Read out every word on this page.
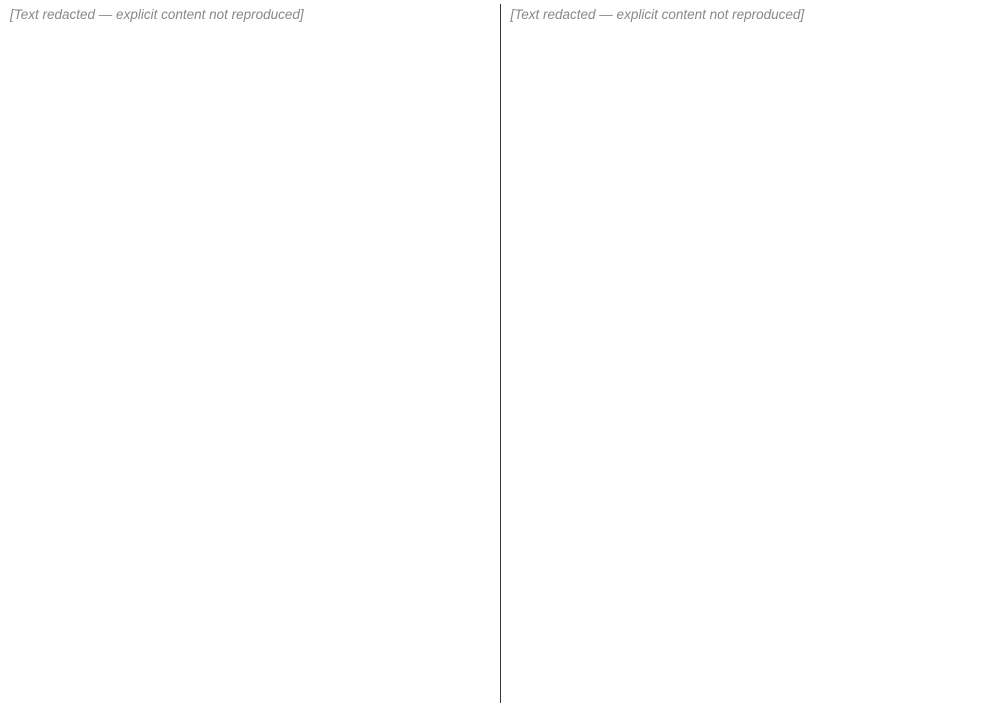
[Text redacted — explicit content not reproduced]	[Text redacted — explicit content not reproduced]
